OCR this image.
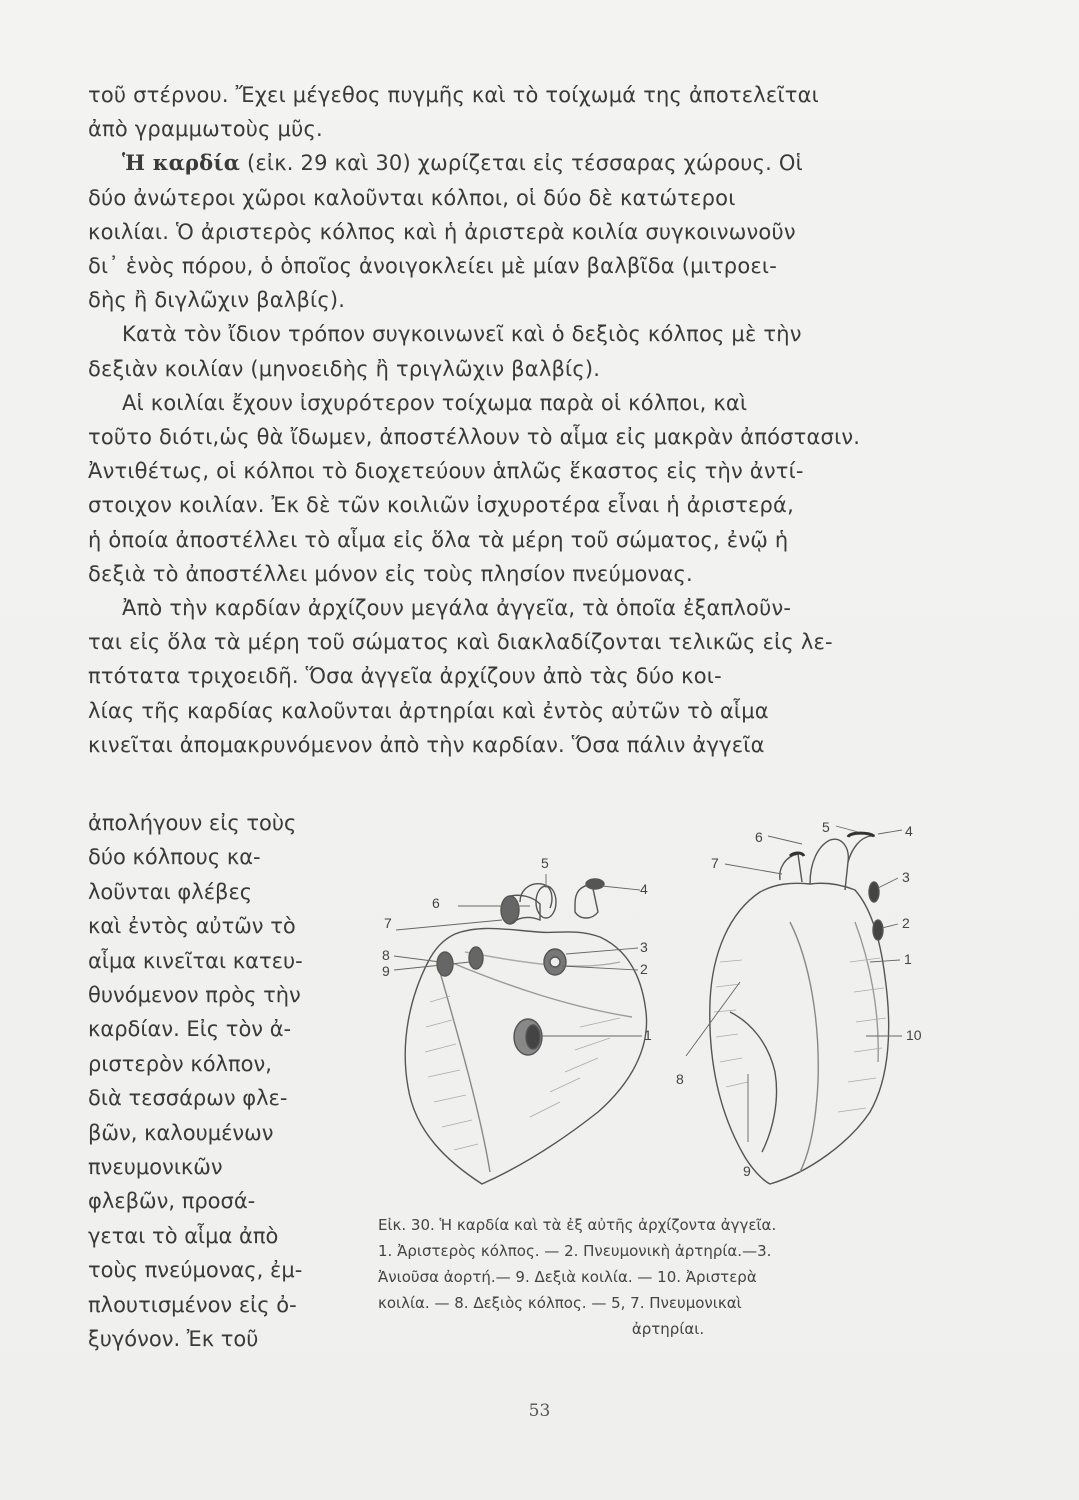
τοῦ στέρνου. Ἔχει μέγεθος πυγμῆς καὶ τὸ τοίχωμά της ἀποτελεῖται

ἀπὸ γραμμωτοὺς μῦς.

Ἡ καρδία (εἰκ. 29 καὶ 30) χωρίζεται εἰς τέσσαρας χώρους. Οἱ

δύο ἀνώτεροι χῶροι καλοῦνται κόλποι, οἱ δύο δὲ κατώτεροι

κοιλίαι. Ὁ ἀριστερὸς κόλπος καὶ ἡ ἀριστερὰ κοιλία συγκοινωνοῦν

δι᾿ ἑνὸς πόρου, ὁ ὁποῖος ἀνοιγοκλείει μὲ μίαν βαλβῖδα (μιτροει-

δὴς ἢ διγλῶχιν βαλβίς).

Κατὰ τὸν ἴδιον τρόπον συγκοινωνεῖ καὶ ὁ δεξιὸς κόλπος μὲ τὴν

δεξιὰν κοιλίαν (μηνοειδὴς ἢ τριγλῶχιν βαλβίς).

Αἱ κοιλίαι ἔχουν ἰσχυρότερον τοίχωμα παρὰ οἱ κόλποι, καὶ

τοῦτο διότι,ὡς θὰ ἴδωμεν, ἀποστέλλουν τὸ αἷμα εἰς μακρὰν ἀπόστασιν.

Ἀντιθέτως, οἱ κόλποι τὸ διοχετεύουν ἁπλῶς ἕκαστος εἰς τὴν ἀντί-

στοιχον κοιλίαν. Ἐκ δὲ τῶν κοιλιῶν ἰσχυροτέρα εἶναι ἡ ἀριστερά,

ἡ ὁποία ἀποστέλλει τὸ αἷμα εἰς ὅλα τὰ μέρη τοῦ σώματος, ἐνῷ ἡ

δεξιὰ τὸ ἀποστέλλει μόνον εἰς τοὺς πλησίον πνεύμονας.

Ἀπὸ τὴν καρδίαν ἀρχίζουν μεγάλα ἀγγεῖα, τὰ ὁποῖα ἐξαπλοῦν-

ται εἰς ὅλα τὰ μέρη τοῦ σώματος καὶ διακλαδίζονται τελικῶς εἰς λε-

πτότατα τριχοειδῆ. Ὅσα ἀγγεῖα ἀρχίζουν ἀπὸ τὰς δύο κοι-

λίας τῆς καρδίας καλοῦνται ἀρτηρίαι καὶ ἐντὸς αὐτῶν τὸ αἷμα

κινεῖται ἀπομακρυνόμενον ἀπὸ τὴν καρδίαν. Ὅσα πάλιν ἀγγεῖα

ἀπολήγουν εἰς τοὺς
δύο κόλπους κα-
λοῦνται φλέβες
καὶ ἐντὸς αὐτῶν τὸ
αἷμα κινεῖται κατευ-
θυνόμενον πρὸς τὴν
καρδίαν. Εἰς τὸν ἀ-
ριστερὸν κόλπον,
διὰ τεσσάρων φλε-
βῶν, καλουμένων
πνευμονικῶν
φλεβῶν, προσά-
γεται τὸ αἷμα ἀπὸ
τοὺς πνεύμονας, ἐμ-
πλουτισμένον εἰς ὀ-
ξυγόνον. Ἐκ τοῦ
5
6
4
7
3
8
2
9
1
6
5	4
7
3
2
1
10
8
9
Εἰκ. 30. Ἡ καρδία καὶ τὰ ἐξ αὐτῆς ἀρχίζοντα ἀγγεῖα.
1. Ἀριστερὸς κόλπος. — 2. Πνευμονικὴ ἀρτηρία.—3.
Ἀνιοῦσα ἀορτή.— 9. Δεξιὰ κοιλία. — 10. Ἀριστερὰ
κοιλία. — 8. Δεξιὸς κόλπος. — 5, 7. Πνευμονικαὶ
ἀρτηρίαι.
53
